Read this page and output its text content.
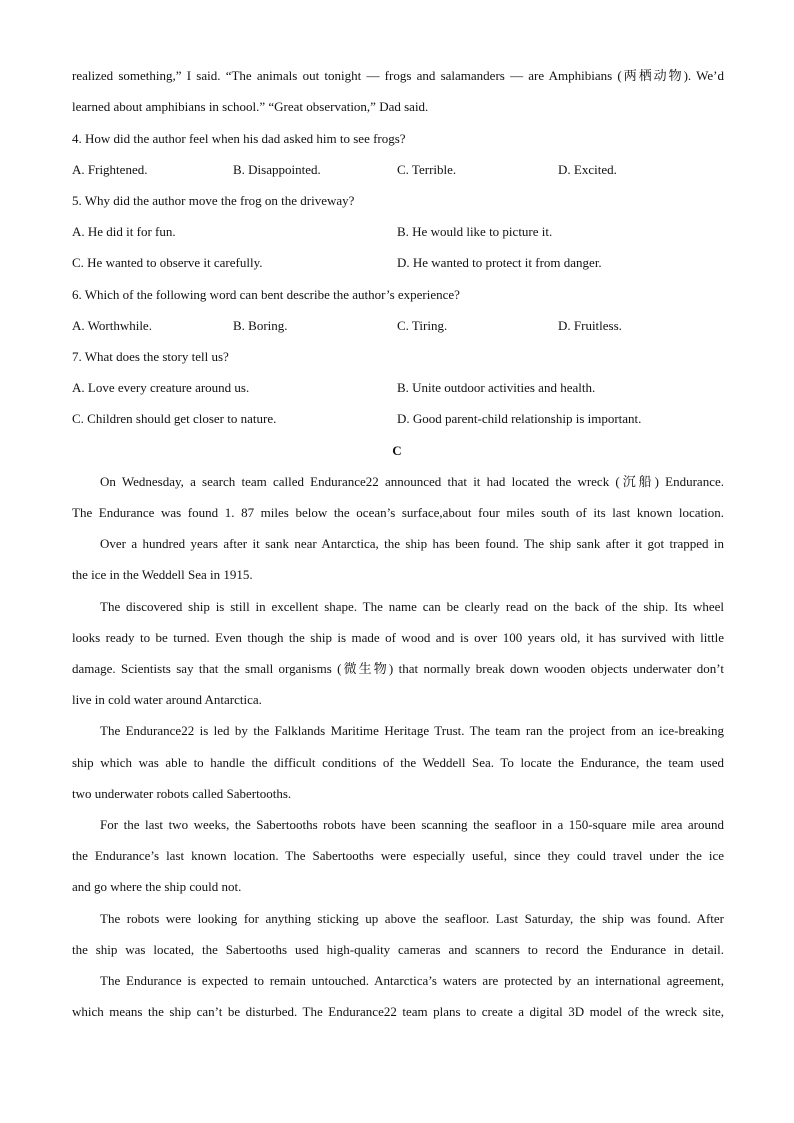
realized something,” I said. “The animals out tonight — frogs and salamanders — are Amphibians (两栖动物). We’d
learned about amphibians in school.” “Great observation,” Dad said.
4. How did the author feel when his dad asked him to see frogs?
A. Frightened.	B. Disappointed.	C. Terrible.	D. Excited.
5. Why did the author move the frog on the driveway?
A. He did it for fun.	B. He would like to picture it.
C. He wanted to observe it carefully.	D. He wanted to protect it from danger.
6. Which of the following word can bent describe the author’s experience?
A. Worthwhile.	B. Boring.	C. Tiring.	D. Fruitless.
7. What does the story tell us?
A. Love every creature around us.	B. Unite outdoor activities and health.
C. Children should get closer to nature.	D. Good parent-child relationship is important.
C
On Wednesday, a search team called Endurance22 announced that it had located the wreck (沉船) Endurance.
The Endurance was found 1. 87 miles below the ocean’s surface,about four miles south of its last known location.
Over a hundred years after it sank near Antarctica, the ship has been found. The ship sank after it got trapped in
the ice in the Weddell Sea in 1915.
The discovered ship is still in excellent shape. The name can be clearly read on the back of the ship. Its wheel
looks ready to be turned. Even though the ship is made of wood and is over 100 years old, it has survived with little
damage. Scientists say that the small organisms (微生物) that normally break down wooden objects underwater don’t
live in cold water around Antarctica.
The Endurance22 is led by the Falklands Maritime Heritage Trust. The team ran the project from an ice-breaking
ship which was able to handle the difficult conditions of the Weddell Sea. To locate the Endurance, the team used
two underwater robots called Sabertooths.
For the last two weeks, the Sabertooths robots have been scanning the seafloor in a 150-square mile area around
the Endurance’s last known location. The Sabertooths were especially useful, since they could travel under the ice
and go where the ship could not.
The robots were looking for anything sticking up above the seafloor. Last Saturday, the ship was found. After
the ship was located, the Sabertooths used high-quality cameras and scanners to record the Endurance in detail.
The Endurance is expected to remain untouched. Antarctica’s waters are protected by an international agreement,
which means the ship can’t be disturbed. The Endurance22 team plans to create a digital 3D model of the wreck site,
